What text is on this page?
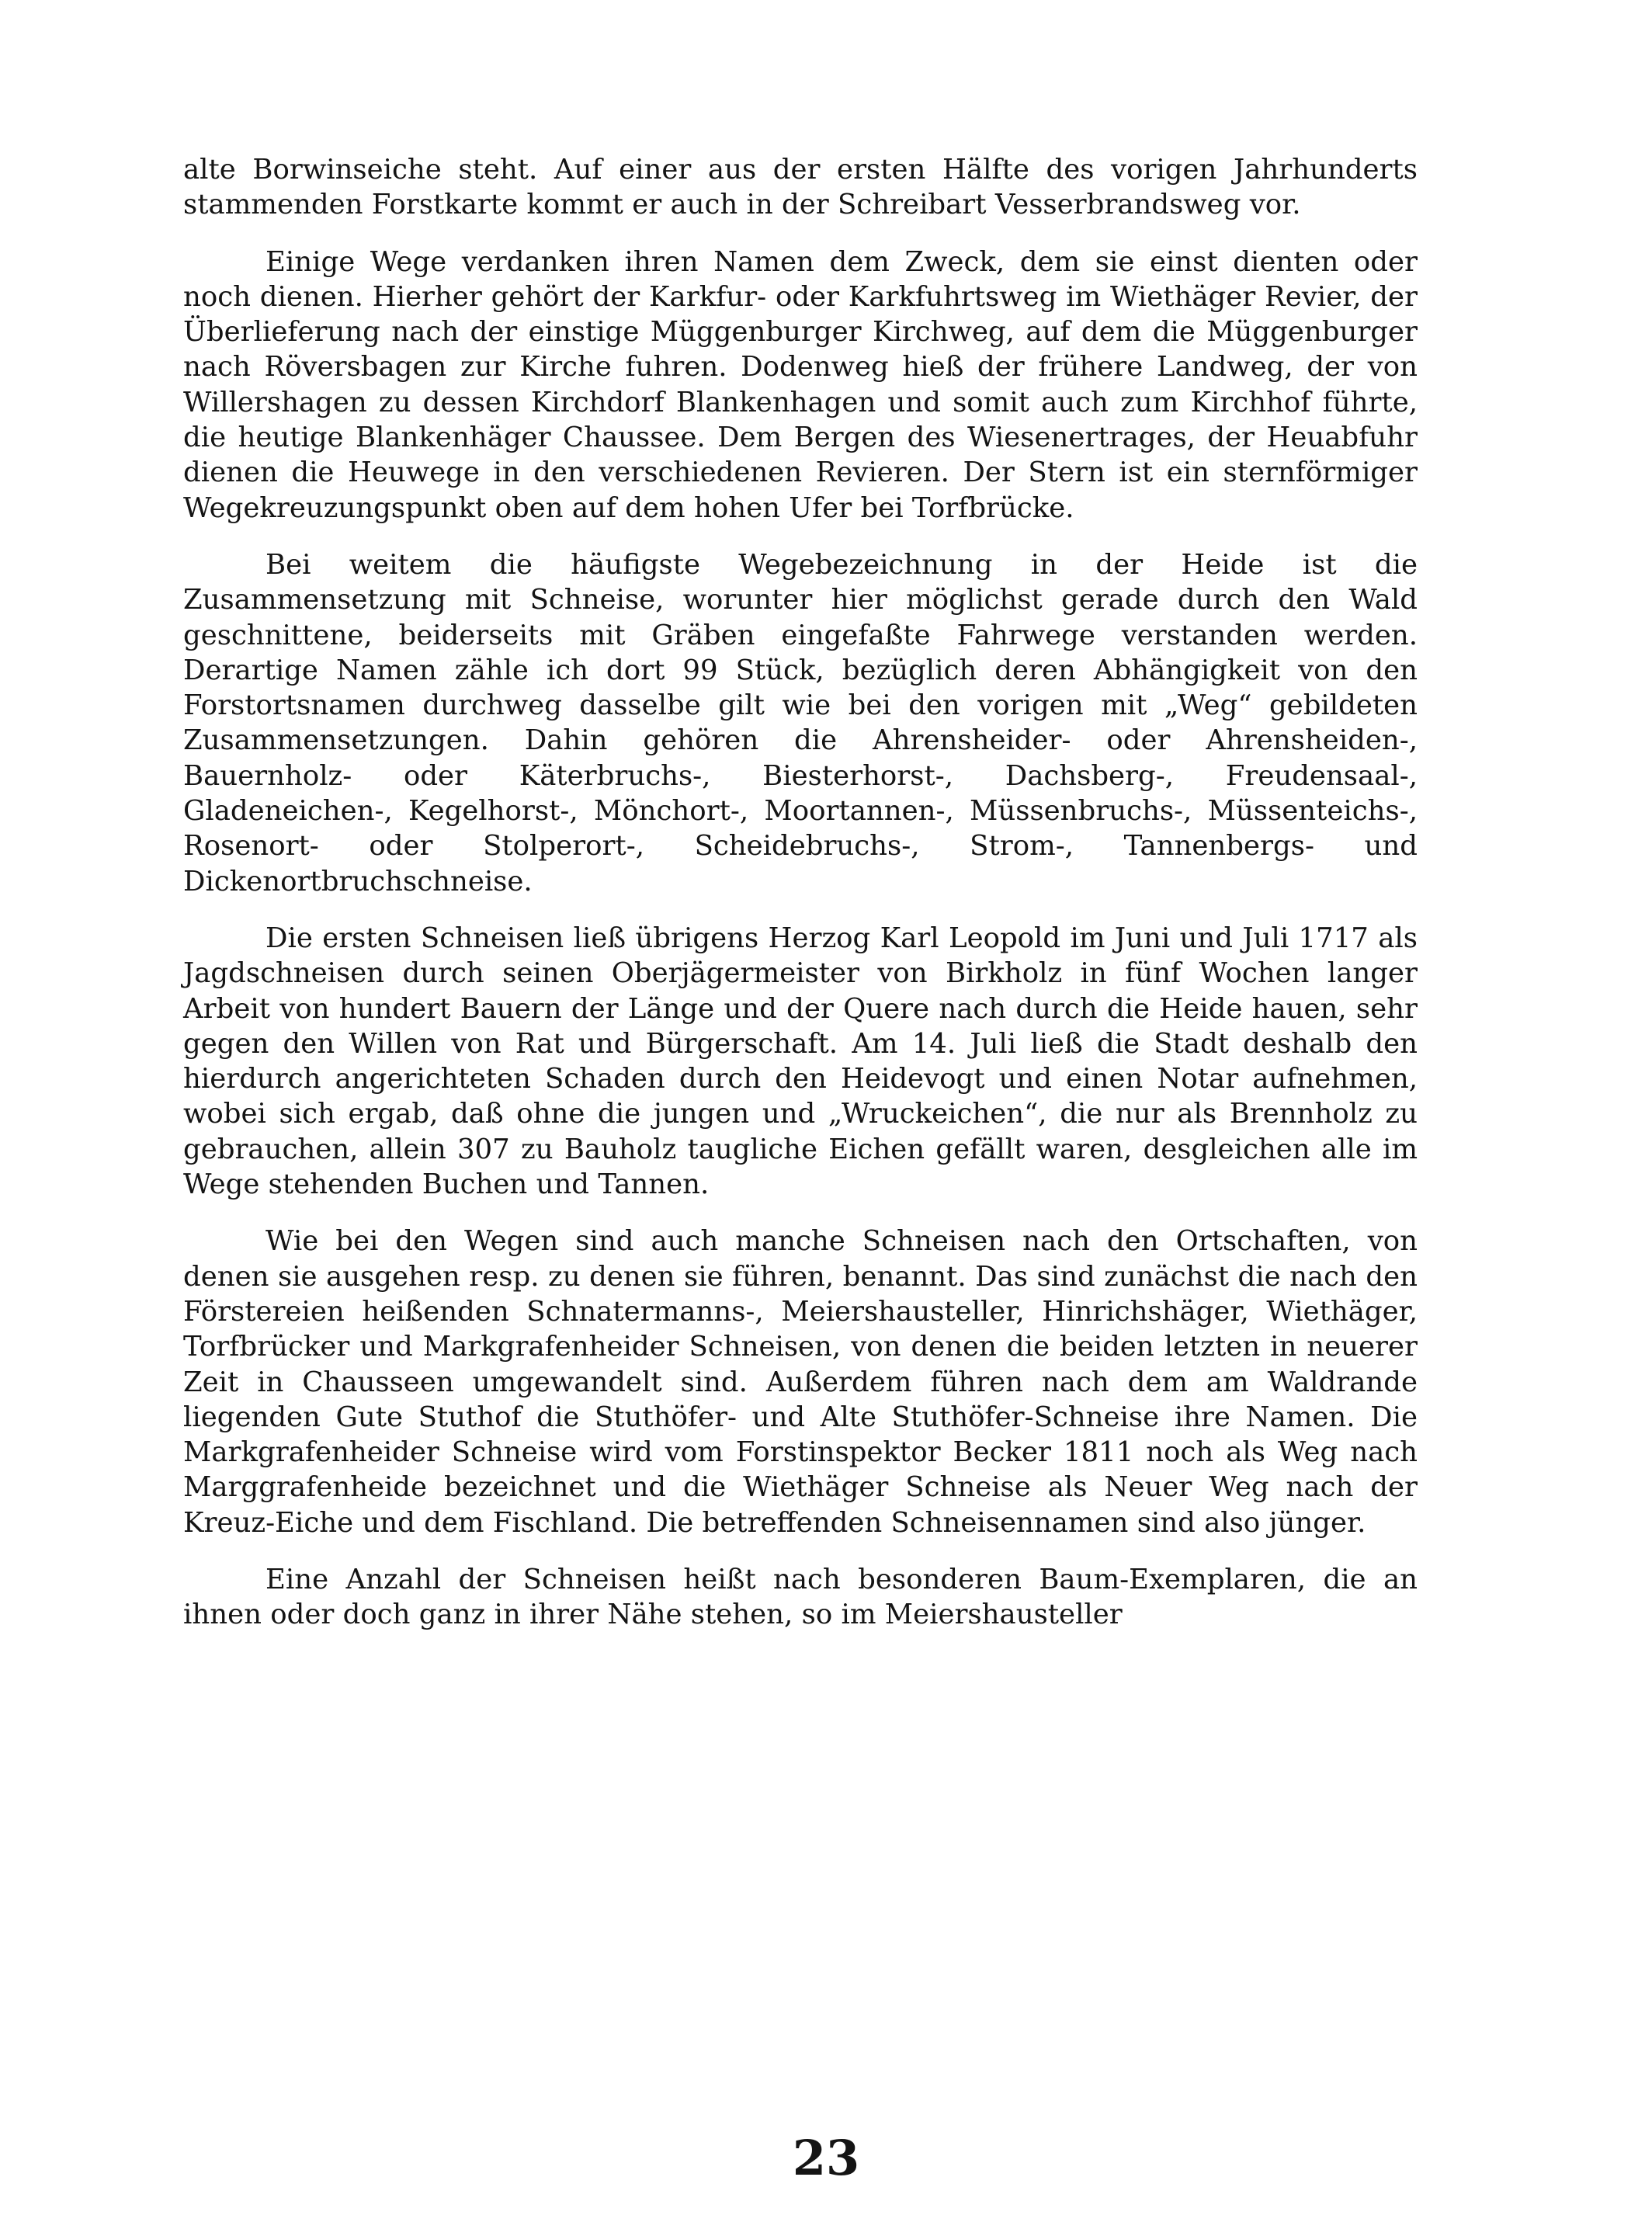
alte Borwinseiche steht. Auf einer aus der ersten Hälfte des vorigen Jahrhunderts stammenden Forstkarte kommt er auch in der Schreibart Vesserbrandsweg vor.

Einige Wege verdanken ihren Namen dem Zweck, dem sie einst dienten oder noch dienen. Hierher gehört der Karkfur- oder Karkfuhrtsweg im Wiethäger Revier, der Überlieferung nach der einstige Müggenburger Kirchweg, auf dem die Müggenburger nach Röversbagen zur Kirche fuhren. Dodenweg hieß der frühere Landweg, der von Willershagen zu dessen Kirchdorf Blankenhagen und somit auch zum Kirchhof führte, die heutige Blankenhäger Chaussee. Dem Bergen des Wiesenertrages, der Heuabfuhr dienen die Heuwege in den verschiedenen Revieren. Der Stern ist ein sternförmiger Wegekreuzungspunkt oben auf dem hohen Ufer bei Torfbrücke.

Bei weitem die häufigste Wegebezeichnung in der Heide ist die Zusammensetzung mit Schneise, worunter hier möglichst gerade durch den Wald geschnittene, beiderseits mit Gräben eingefaßte Fahrwege verstanden werden. Derartige Namen zähle ich dort 99 Stück, bezüglich deren Abhängigkeit von den Forstortsnamen durchweg dasselbe gilt wie bei den vorigen mit „Weg“ gebildeten Zusammensetzungen. Dahin gehören die Ahrensheider- oder Ahrensheiden-, Bauernholz- oder Käterbruchs-, Biesterhorst-, Dachsberg-, Freudensaal-, Gladeneichen-, Kegelhorst-, Mönchort-, Moortannen-, Müssenbruchs-, Müssenteichs-, Rosenort- oder Stolperort-, Scheidebruchs-, Strom-, Tannenbergs- und Dickenortbruchschneise.

Die ersten Schneisen ließ übrigens Herzog Karl Leopold im Juni und Juli 1717 als Jagdschneisen durch seinen Oberjägermeister von Birkholz in fünf Wochen langer Arbeit von hundert Bauern der Länge und der Quere nach durch die Heide hauen, sehr gegen den Willen von Rat und Bürgerschaft. Am 14. Juli ließ die Stadt deshalb den hierdurch angerichteten Schaden durch den Heidevogt und einen Notar aufnehmen, wobei sich ergab, daß ohne die jungen und „Wruckeichen“, die nur als Brennholz zu gebrauchen, allein 307 zu Bauholz taugliche Eichen gefällt waren, desgleichen alle im Wege stehenden Buchen und Tannen.

Wie bei den Wegen sind auch manche Schneisen nach den Ortschaften, von denen sie ausgehen resp. zu denen sie führen, benannt. Das sind zunächst die nach den Förstereien heißenden Schnatermanns-, Meiershausteller, Hinrichshäger, Wiethäger, Torfbrücker und Markgrafenheider Schneisen, von denen die beiden letzten in neuerer Zeit in Chausseen umgewandelt sind. Außerdem führen nach dem am Waldrande liegenden Gute Stuthof die Stuthöfer- und Alte Stuthöfer-Schneise ihre Namen. Die Markgrafenheider Schneise wird vom Forstinspektor Becker 1811 noch als Weg nach Marggrafenheide bezeichnet und die Wiethäger Schneise als Neuer Weg nach der Kreuz-Eiche und dem Fischland. Die betreffenden Schneisennamen sind also jünger.

Eine Anzahl der Schneisen heißt nach besonderen Baum-Exemplaren, die an ihnen oder doch ganz in ihrer Nähe stehen, so im Meiershausteller

23
